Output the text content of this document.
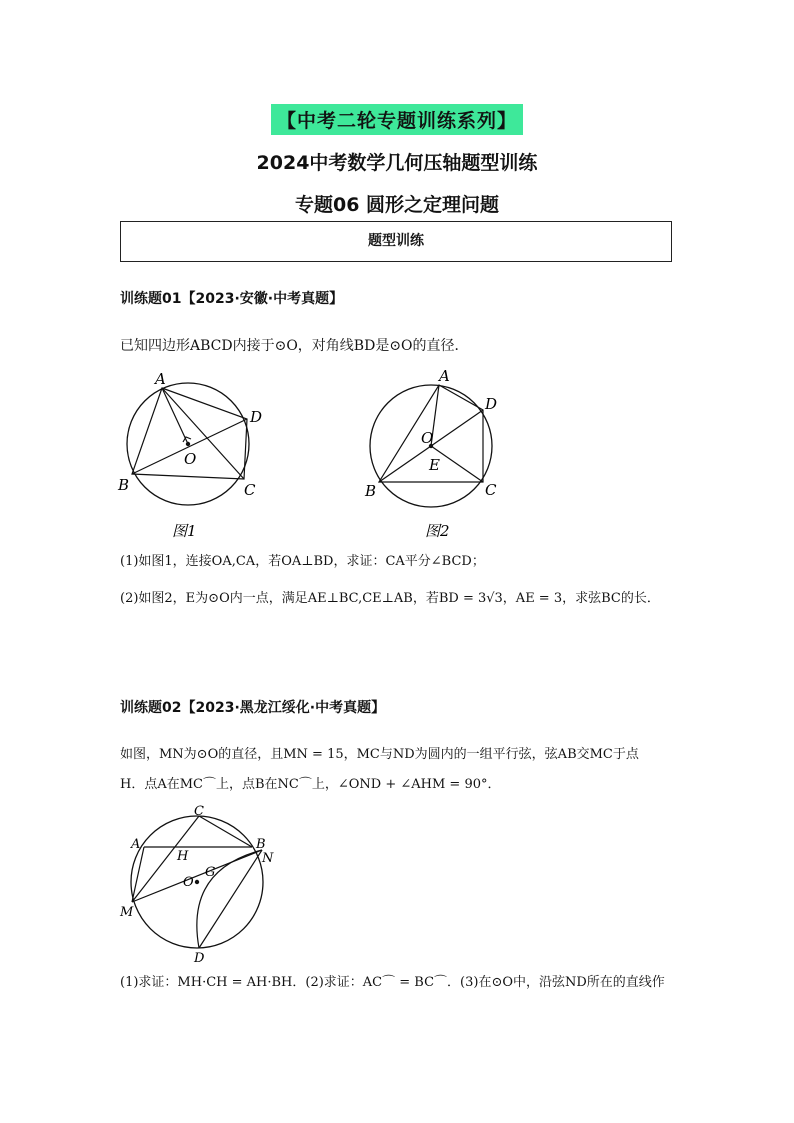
【中考二轮专题训练系列】
2024中考数学几何压轴题型训练
专题06 圆形之定理问题
题型训练
训练题01【2023·安徽·中考真题】
已知四边形ABCD内接于⊙O，对角线BD是⊙O的直径．
A
D
C
B
O
图1
A
D
C
B
O
E
图2
(1)如图1，连接OA,CA，若OA⊥BD，求证：CA平分∠BCD；
(2)如图2，E为⊙O内一点，满足AE⊥BC,CE⊥AB，若BD = 3√3，AE = 3，求弦BC的长．
训练题02【2023·黑龙江绥化·中考真题】
如图，MN为⊙O的直径，且MN = 15，MC与ND为圆内的一组平行弦，弦AB交MC于点
H．点A在MC⌒上，点B在NC⌒上，∠OND + ∠AHM = 90°．
C
A	B
N
H
O
G
M
D
(1)求证：MH·CH = AH·BH．(2)求证：AC⌒ = BC⌒．(3)在⊙O中，沿弦ND所在的直线作
